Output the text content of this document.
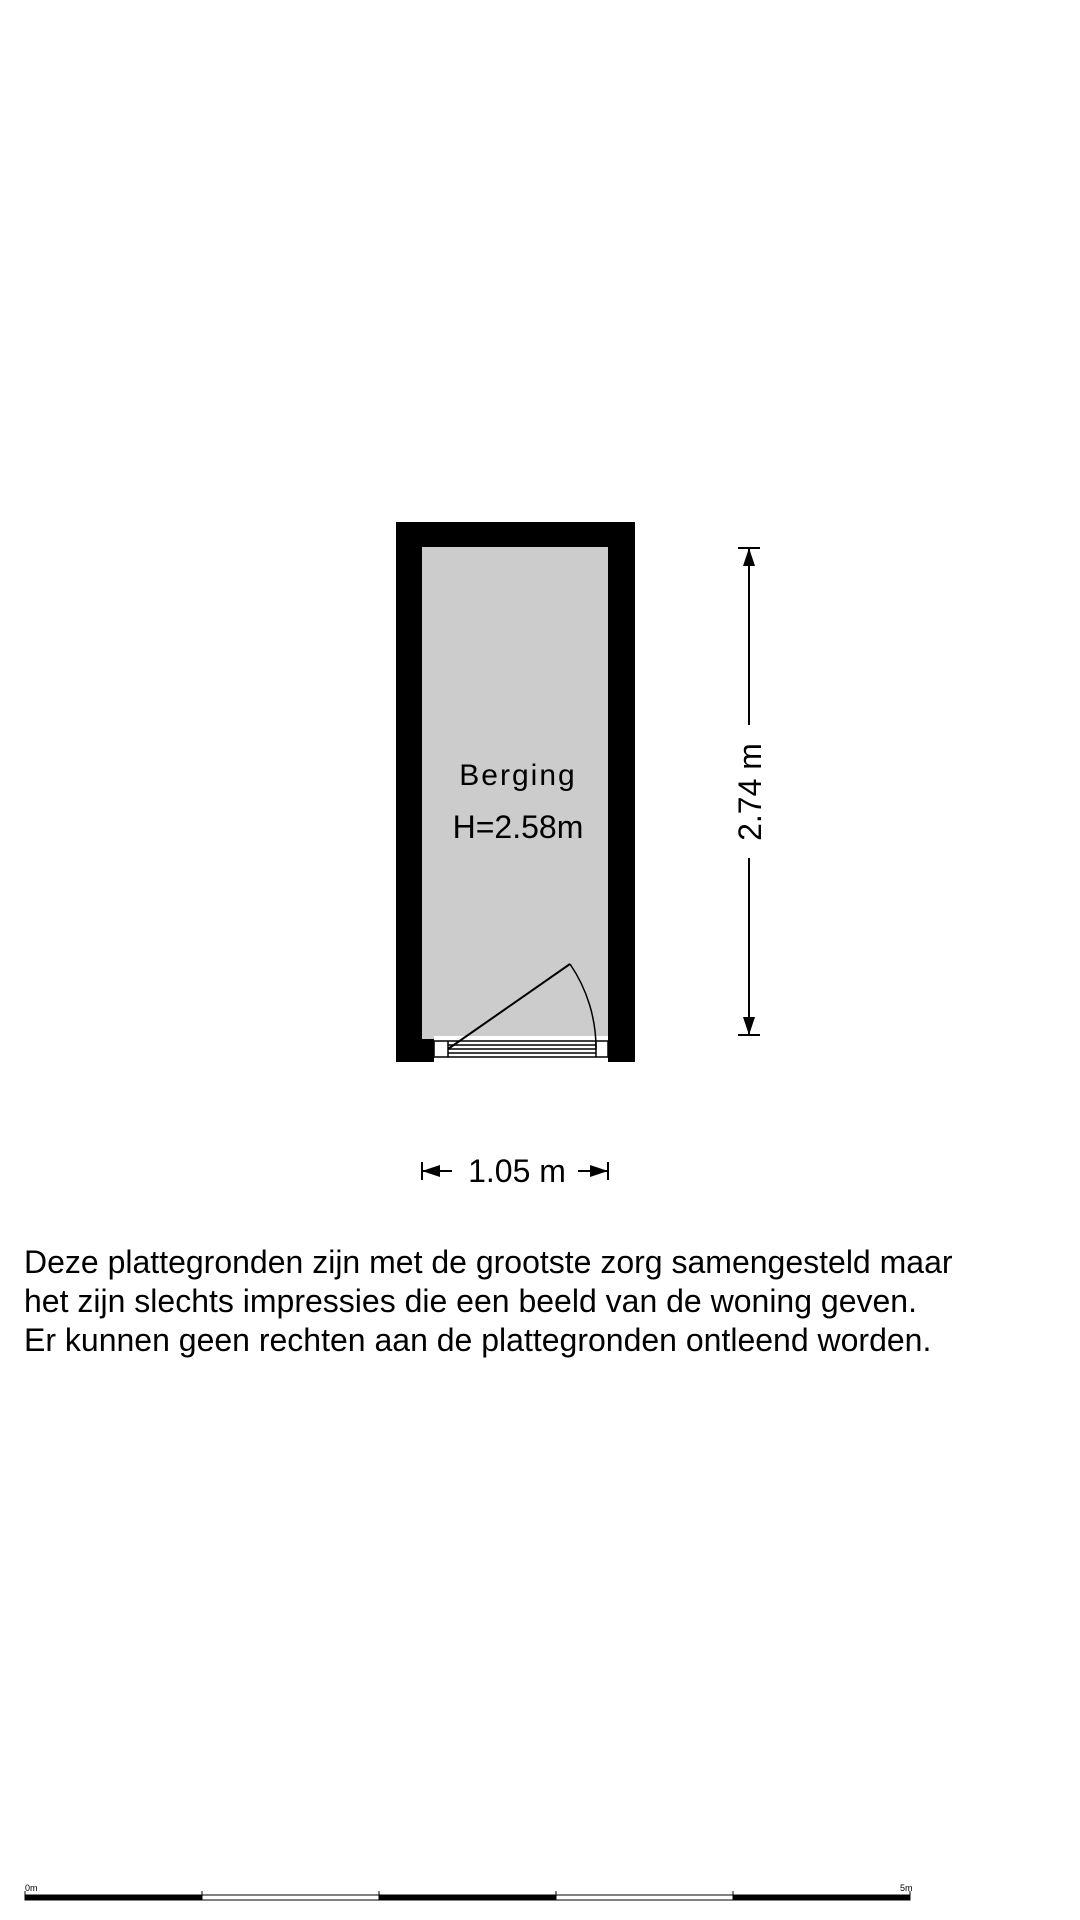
Berging
H=2.58m	2.74 m
1.05 m
0m	5m

Deze plattegronden zijn met de grootste zorg samengesteld maar
het zijn slechts impressies die een beeld van de woning geven.
Er kunnen geen rechten aan de plattegronden ontleend worden.
